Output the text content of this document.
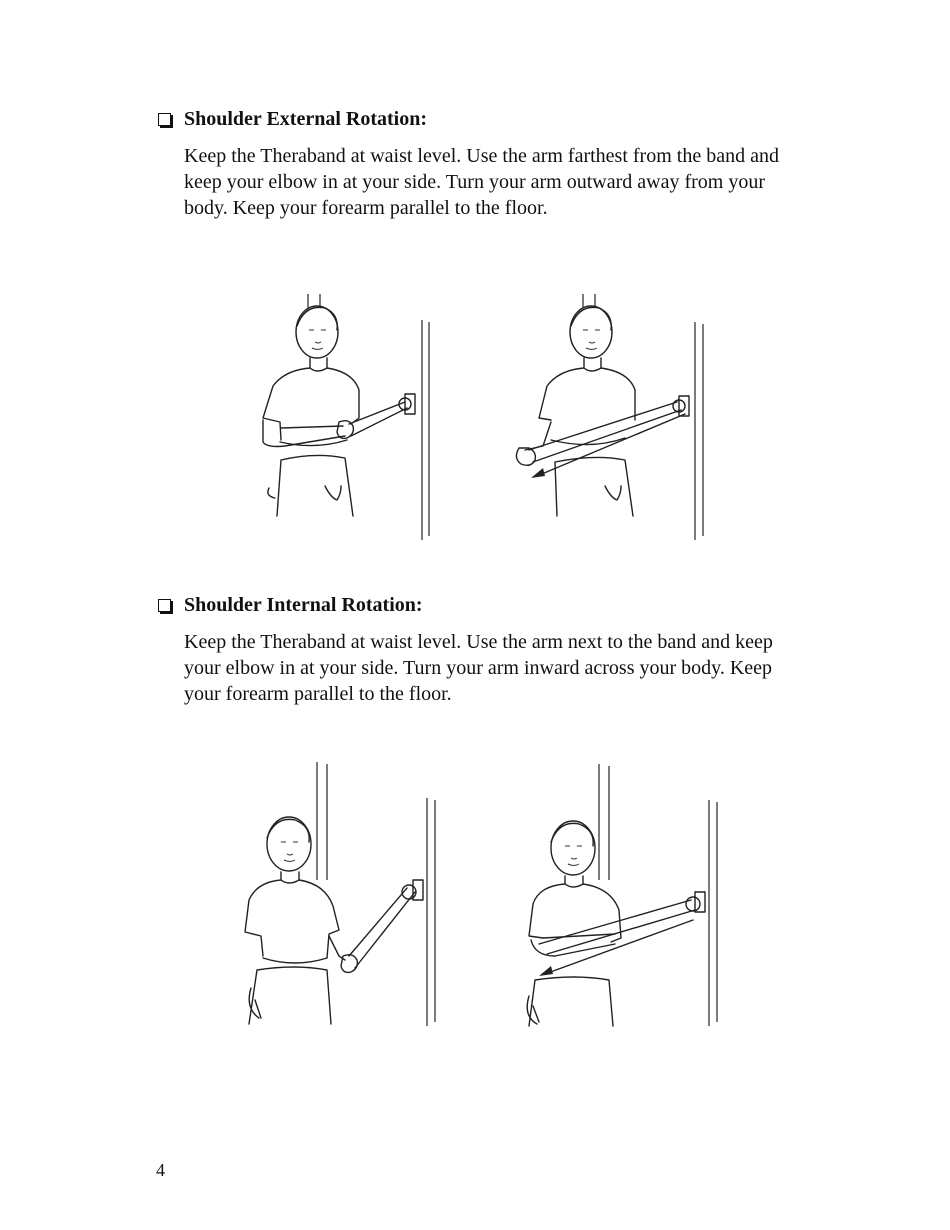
Shoulder External Rotation:

Keep the Theraband at waist level. Use the arm farthest from the band and keep your elbow in at your side. Turn your arm outward away from your body. Keep your forearm parallel to the floor.

Shoulder Internal Rotation:

Keep the Theraband at waist level. Use the arm next to the band and keep your elbow in at your side. Turn your arm inward across your body. Keep your forearm parallel to the floor.

4
